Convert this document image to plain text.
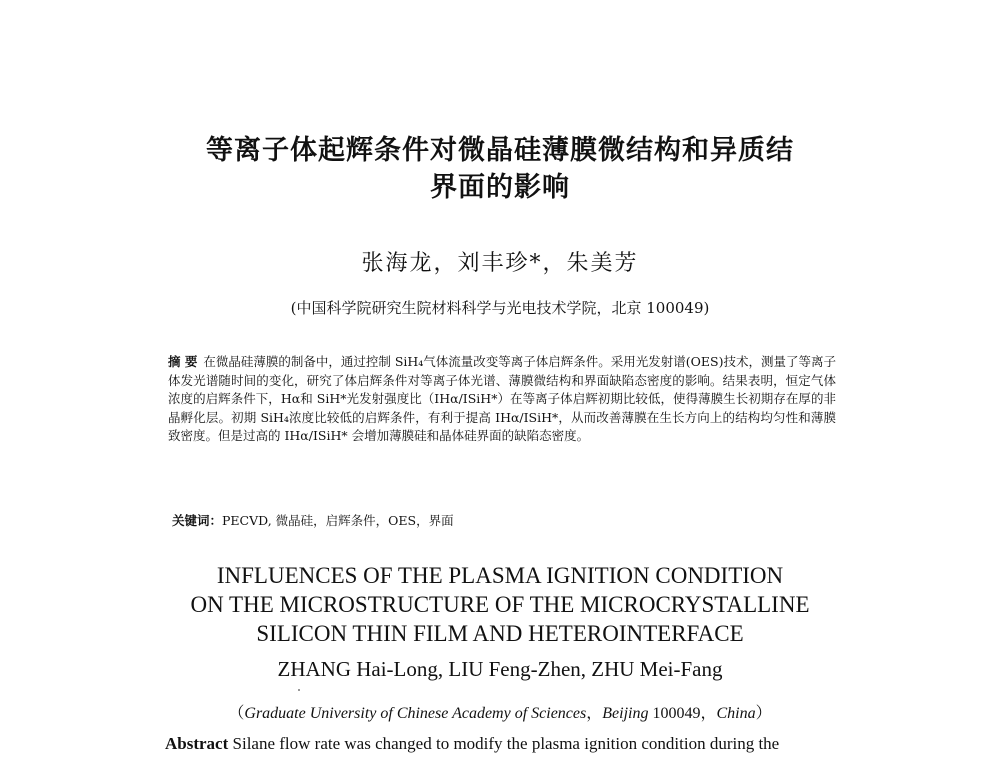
等离子体起辉条件对微晶硅薄膜微结构和异质结
界面的影响
张海龙，刘丰珍*，朱美芳
(中国科学院研究生院材料科学与光电技术学院，北京 100049)
摘 要 在微晶硅薄膜的制备中，通过控制 SiH₄气体流量改变等离子体启辉条件。采用光发射谱(OES)技术，测量了等离子体发光谱随时间的变化，研究了体启辉条件对等离子体光谱、薄膜微结构和界面缺陷态密度的影响。结果表明，恒定气体浓度的启辉条件下，Hα和 SiH*光发射强度比（IHα/ISiH*）在等离子体启辉初期比较低，使得薄膜生长初期存在厚的非晶孵化层。初期 SiH₄浓度比较低的启辉条件，有利于提高 IHα/ISiH*，从而改善薄膜在生长方向上的结构均匀性和薄膜致密度。但是过高的 IHα/ISiH* 会增加薄膜硅和晶体硅界面的缺陷态密度。
关键词：PECVD, 微晶硅，启辉条件，OES，界面
INFLUENCES OF THE PLASMA IGNITION CONDITION
ON THE MICROSTRUCTURE OF THE MICROCRYSTALLINE
SILICON THIN FILM AND HETEROINTERFACE
ZHANG Hai-Long, LIU Feng-Zhen, ZHU Mei-Fang
（Graduate University of Chinese Academy of Sciences，Beijing 100049，China）
Abstract Silane flow rate was changed to modify the plasma ignition condition during the
